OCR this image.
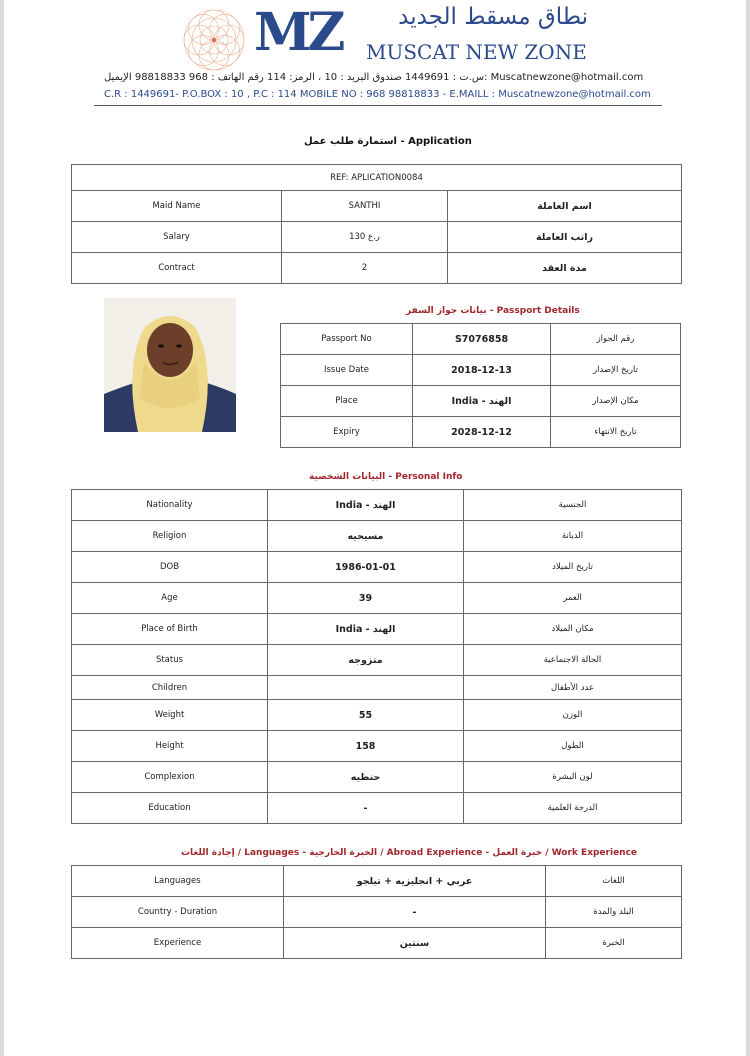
MZ	نطاق مسقط الجديد
MUSCAT NEW ZONE
س.ت : 1449691 صندوق البريد : 10 ، الرمز: 114 رقم الهاتف : 968 98818833 الإيميل: Muscatnewzone@hotmail.com
C.R : 1449691- P.O.BOX : 10 , P.C : 114 MOBILE NO : 968 98818833 - E.MAILL : Muscatnewzone@hotmail.com
استمارة طلب عمل - Application
REF: APLICATION0084		
Maid Name	SANTHI	اسم العاملة
Salary	130 ر.ع	راتب العاملة
Contract	2	مدة العقد
بيانات جواز السفر - Passport Details
Passport No	S7076858	رقم الجواز
Issue Date	2018-12-13	تاريخ الإصدار
Place	India - الهند	مكان الإصدار
Expiry	2028-12-12	تاريخ الانتهاء
البيانات الشخصية - Personal Info
Nationality	India - الهند	الجنسية
Religion	مسيحيه	الديانة
DOB	1986-01-01	تاريخ الميلاد
Age	39	العمر
Place of Birth	India - الهند	مكان الميلاد
Status	متزوجه	الحالة الاجتماعية
Children		عدد الأطفال
Weight	55	الوزن
Height	158	الطول
Complexion	حنطيه	لون البشرة
Education	-	الدرجة العلمية
إجادة اللغات / Languages - الخبرة الخارجية / Abroad Experience - خبرة العمل / Work Experience
Languages	عربي + انجليزيه + تيلجو	اللغات
Country - Duration	-	البلد والمدة
Experience	سنتين	الخبرة
